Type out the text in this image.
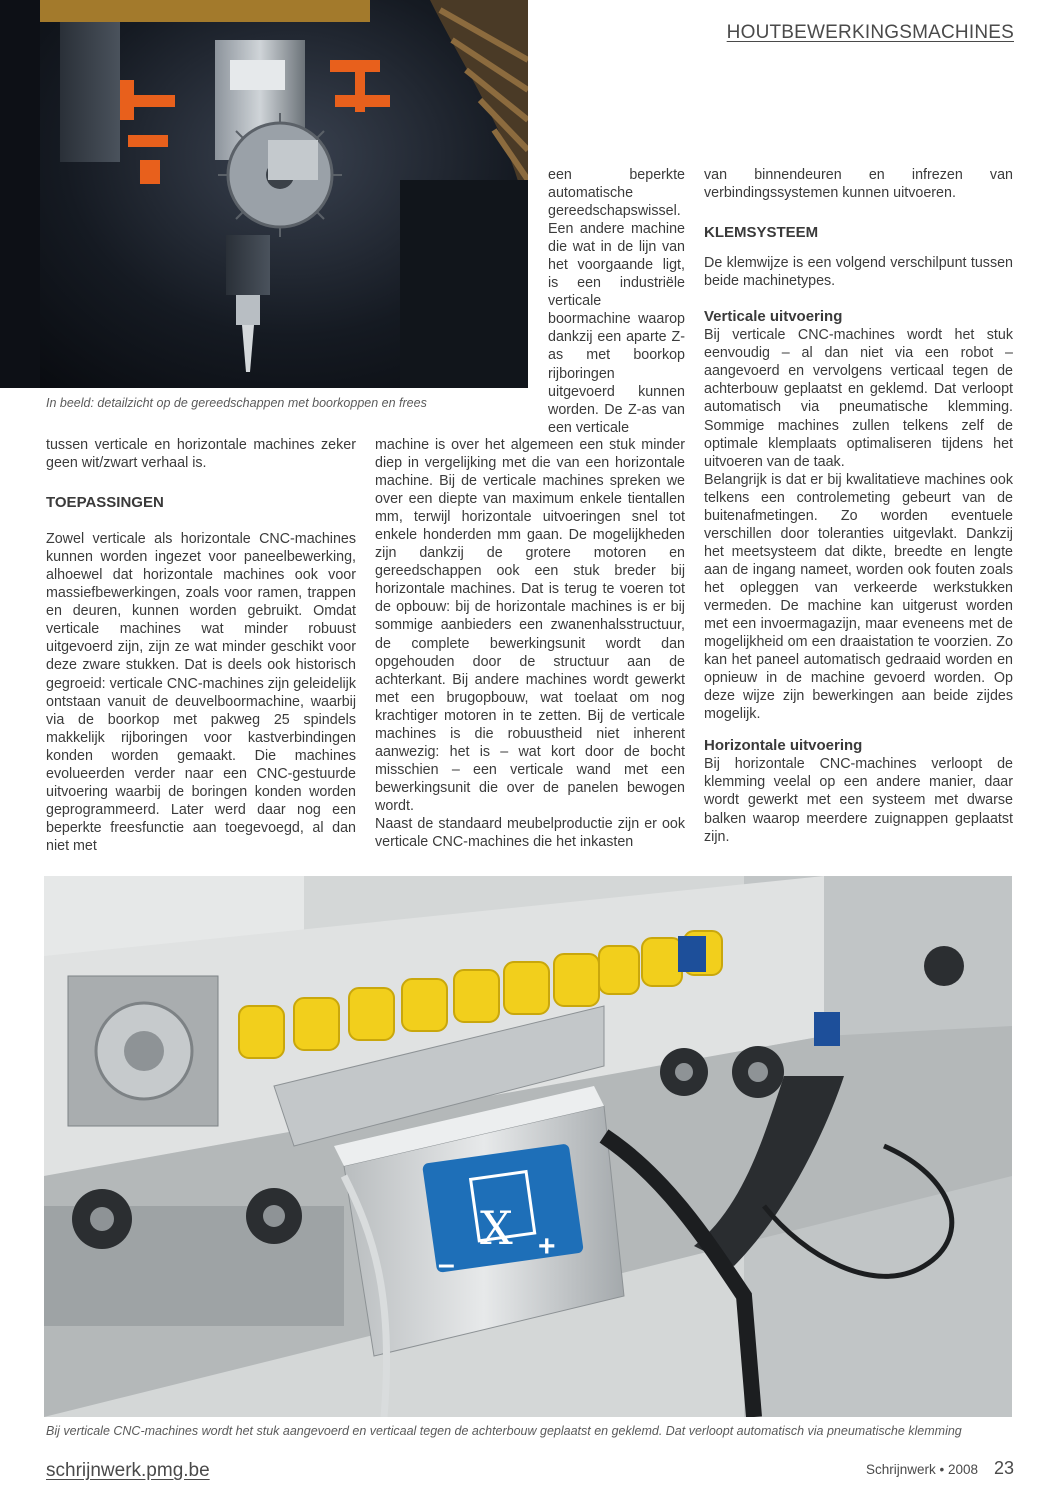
HOUTBEWERKINGSMACHINES
In beeld: detailzicht op de gereedschappen met boorkoppen en frees

tussen verticale en horizontale machines zeker geen wit/zwart verhaal is.

TOEPASSINGEN

Zowel verticale als horizontale CNC-machines kunnen worden ingezet voor paneelbewerking, alhoewel dat horizontale machines ook voor massiefbewerkingen, zoals voor ramen, trappen en deuren, kunnen worden gebruikt. Omdat verticale machines wat minder robuust uitgevoerd zijn, zijn ze wat minder geschikt voor deze zware stukken. Dat is deels ook historisch gegroeid: verticale CNC-machines zijn geleidelijk ontstaan vanuit de deuvelboormachine, waarbij via de boorkop met pakweg 25 spindels makkelijk rijboringen voor kastverbindingen konden worden gemaakt. Die machines evolueerden verder naar een CNC-gestuurde uitvoering waarbij de boringen konden worden geprogrammeerd. Later werd daar nog een beperkte freesfunctie aan toegevoegd, al dan niet met

een beperkte automatische gereedschapswissel. Een andere machine die wat in de lijn van het voorgaande ligt, is een industriële verticale boormachine waarop dankzij een aparte Z-as met boorkop rijboringen uitgevoerd kunnen worden. De Z-as van een verticale

machine is over het algemeen een stuk minder diep in vergelijking met die van een horizontale machine. Bij de verticale machines spreken we over een diepte van maximum enkele tientallen mm, terwijl horizontale uitvoeringen snel tot enkele honderden mm gaan. De mogelijkheden zijn dankzij de grotere motoren en gereedschappen ook een stuk breder bij horizontale machines. Dat is terug te voeren tot de opbouw: bij de horizontale machines is er bij sommige aanbieders een zwanenhalsstructuur, de complete bewerkingsunit wordt dan opgehouden door de structuur aan de achterkant. Bij andere machines wordt gewerkt met een brugopbouw, wat toelaat om nog krachtiger motoren in te zetten. Bij de verticale machines is die robuustheid niet inherent aanwezig: het is – wat kort door de bocht misschien – een verticale wand met een bewerkingsunit die over de panelen bewogen wordt.

Naast de standaard meubelproductie zijn er ook verticale CNC-machines die het inkasten

van binnendeuren en infrezen van verbindingssystemen kunnen uitvoeren.

KLEMSYSTEEM

De klemwijze is een volgend verschilpunt tussen beide machinetypes.

Verticale uitvoering

Bij verticale CNC-machines wordt het stuk eenvoudig – al dan niet via een robot – aangevoerd en vervolgens verticaal tegen de achterbouw geplaatst en geklemd. Dat verloopt automatisch via pneumatische klemming. Sommige machines zullen telkens zelf de optimale klemplaats optimaliseren tijdens het uitvoeren van de taak.

Belangrijk is dat er bij kwalitatieve machines ook telkens een controlemeting gebeurt van de buitenafmetingen. Zo worden eventuele verschillen door toleranties uitgevlakt. Dankzij het meetsysteem dat dikte, breedte en lengte aan de ingang nameet, worden ook fouten zoals het opleggen van verkeerde werkstukken vermeden. De machine kan uitgerust worden met een invoermagazijn, maar eveneens met de mogelijkheid om een draaistation te voorzien. Zo kan het paneel automatisch gedraaid worden en opnieuw in de machine gevoerd worden. Op deze wijze zijn bewerkingen aan beide zijdes mogelijk.

Horizontale uitvoering

Bij horizontale CNC-machines verloopt de klemming veelal op een andere manier, daar wordt gewerkt met een systeem met dwarse balken waarop meerdere zuignappen geplaatst zijn.

X
–
+
Bij verticale CNC-machines wordt het stuk aangevoerd en verticaal tegen de achterbouw geplaatst en geklemd. Dat verloopt automatisch via pneumatische klemming
schrijnwerk.pmg.be	Schrijnwerk • 2008 23
